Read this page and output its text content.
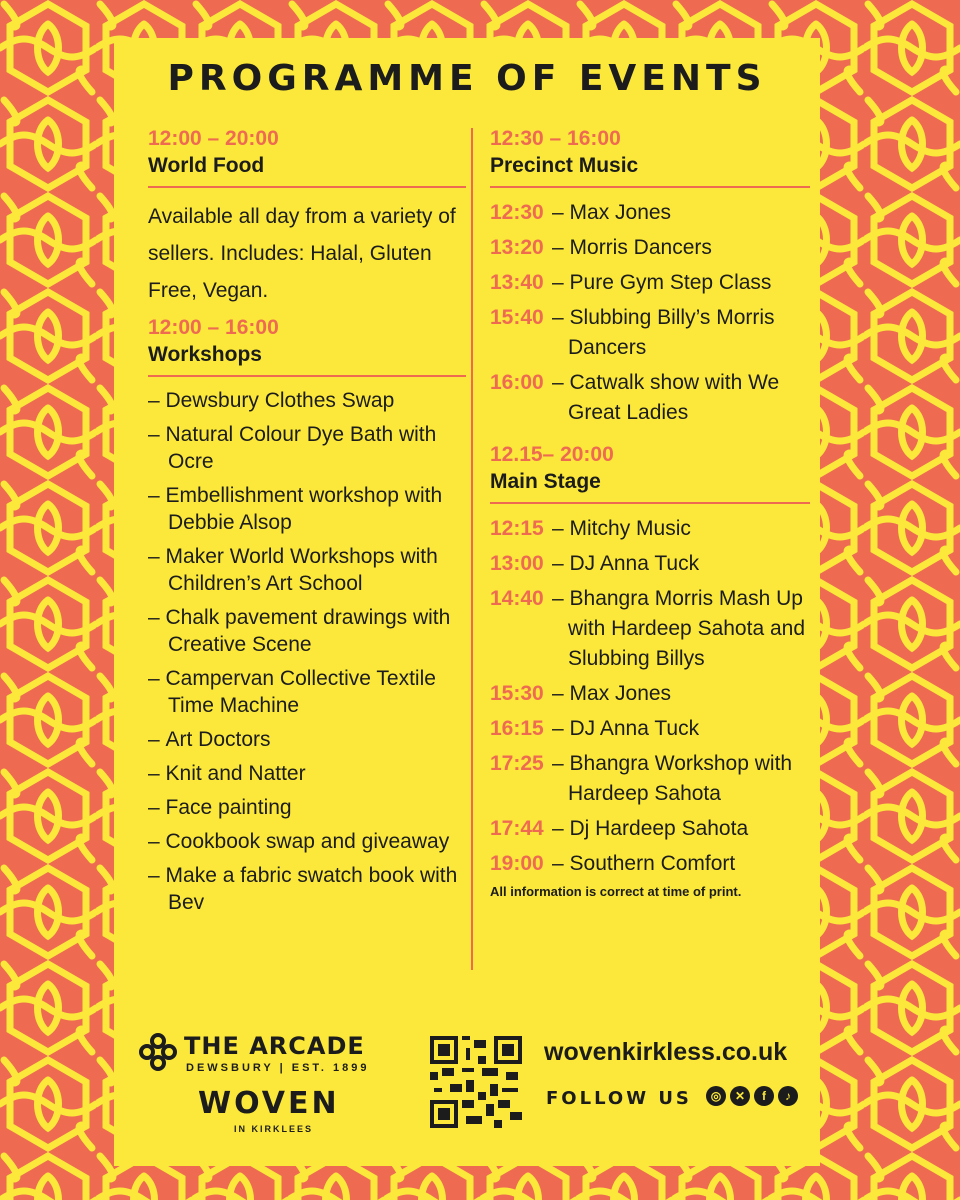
PROGRAMME OF EVENTS
12:00 – 20:00
World Food
Available all day from a variety of sellers. Includes: Halal, Gluten Free, Vegan.
12:00 – 16:00
Workshops
– Dewsbury Clothes Swap
– Natural Colour Dye Bath with Ocre
– Embellishment workshop with Debbie Alsop
– Maker World Workshops with Children’s Art School
– Chalk pavement drawings with Creative Scene
– Campervan Collective Textile Time Machine
– Art Doctors
– Knit and Natter
– Face painting
– Cookbook swap and giveaway
– Make a fabric swatch book with Bev
12:30 – 16:00
Precinct Music
12:30	– Max Jones
13:20	– Morris Dancers
13:40	– Pure Gym Step Class
15:40	– Slubbing Billy’s Morris Dancers
16:00	– Catwalk show with We Great Ladies
12.15– 20:00
Main Stage
12:15	– Mitchy Music
13:00	– DJ Anna Tuck
14:40	– Bhangra Morris Mash Up with Hardeep Sahota and Slubbing Billys
15:30	– Max Jones
16:15	– DJ Anna Tuck
17:25	– Bhangra Workshop with Hardeep Sahota
17:44	– Dj Hardeep Sahota
19:00	– Southern Comfort
All information is correct at time of print.
THE ARCADE
DEWSBURY | EST. 1899
WOVEN
IN KIRKLEES
wovenkirkless.co.uk
FOLLOW US	◎	✕	f	♪
